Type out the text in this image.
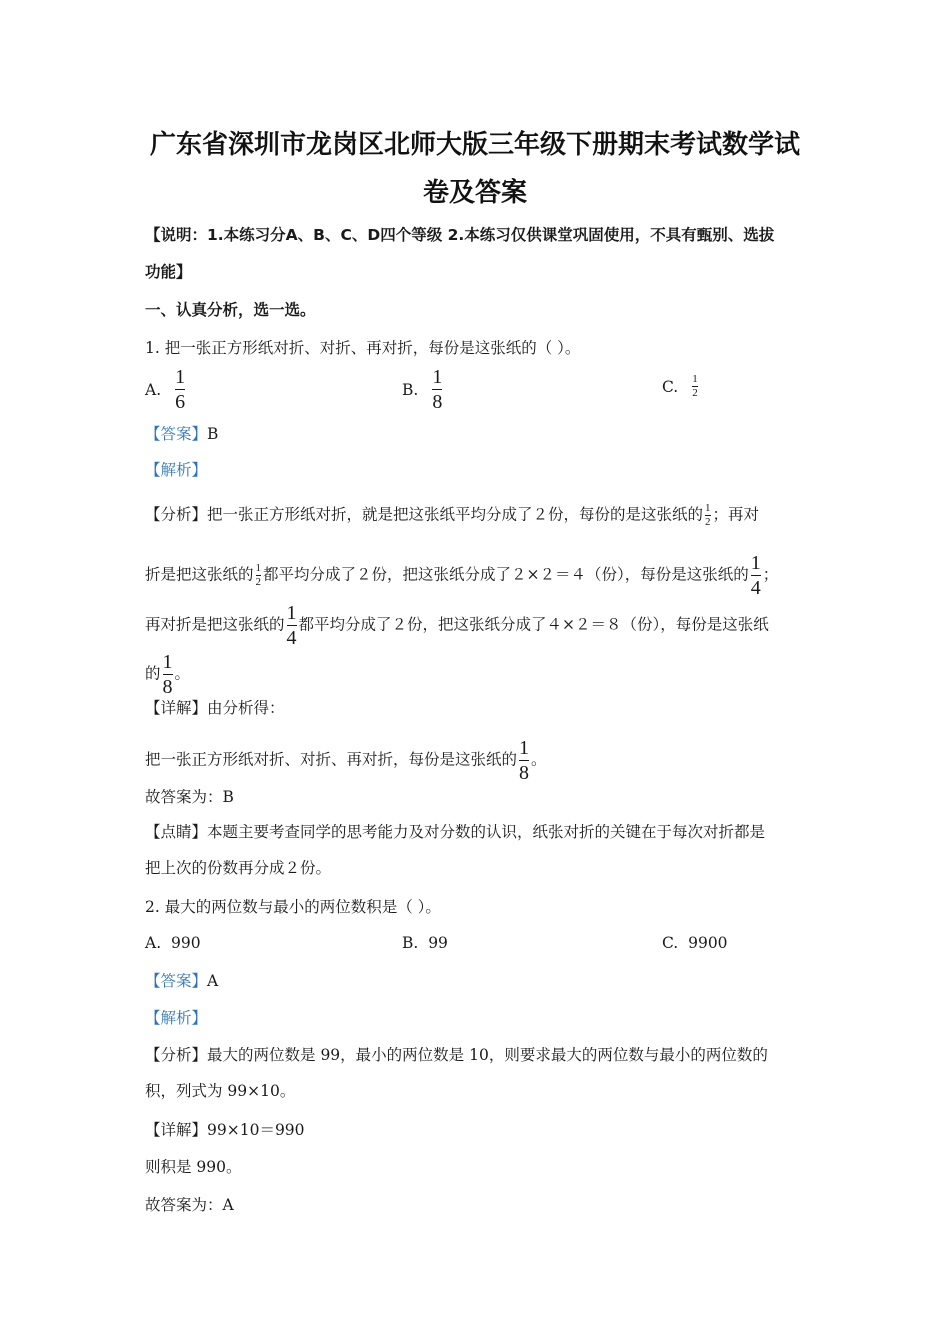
广东省深圳市龙岗区北师大版三年级下册期末考试数学试
卷及答案
【说明：1.本练习分A、B、C、D四个等级 2.本练习仅供课堂巩固使用，不具有甄别、选拔
功能】
一、认真分析，选一选。
1. 把一张正方形纸对折、对折、再对折，每份是这张纸的（ ）。
A. $\frac{1}{6}$	B. $\frac{1}{8}$	C. $\frac{1}{2}$
【答案】B
【解析】
【分析】把一张正方形纸对折，就是把这张纸平均分成了２份，每份的是这张纸的 $\frac{1}{2}$ ；再对
折是把这张纸的 $\frac{1}{2}$ 都平均分成了２份，把这张纸分成了２×２＝４（份），每份是这张纸的 $\frac{1}{4}$ ；
再对折是把这张纸的 $\frac{1}{4}$ 都平均分成了２份，把这张纸分成了４×２＝８（份），每份是这张纸
的 $\frac{1}{8}$ 。
【详解】由分析得：
把一张正方形纸对折、对折、再对折，每份是这张纸的 $\frac{1}{8}$ 。
故答案为：B
【点睛】本题主要考查同学的思考能力及对分数的认识，纸张对折的关键在于每次对折都是
把上次的份数再分成２份。
2. 最大的两位数与最小的两位数积是（ ）。
A. 990	B. 99	C. 9900
【答案】A
【解析】
【分析】最大的两位数是 99，最小的两位数是 10，则要求最大的两位数与最小的两位数的
积，列式为 99×10。
【详解】99×10＝990
则积是 990。
故答案为：A
